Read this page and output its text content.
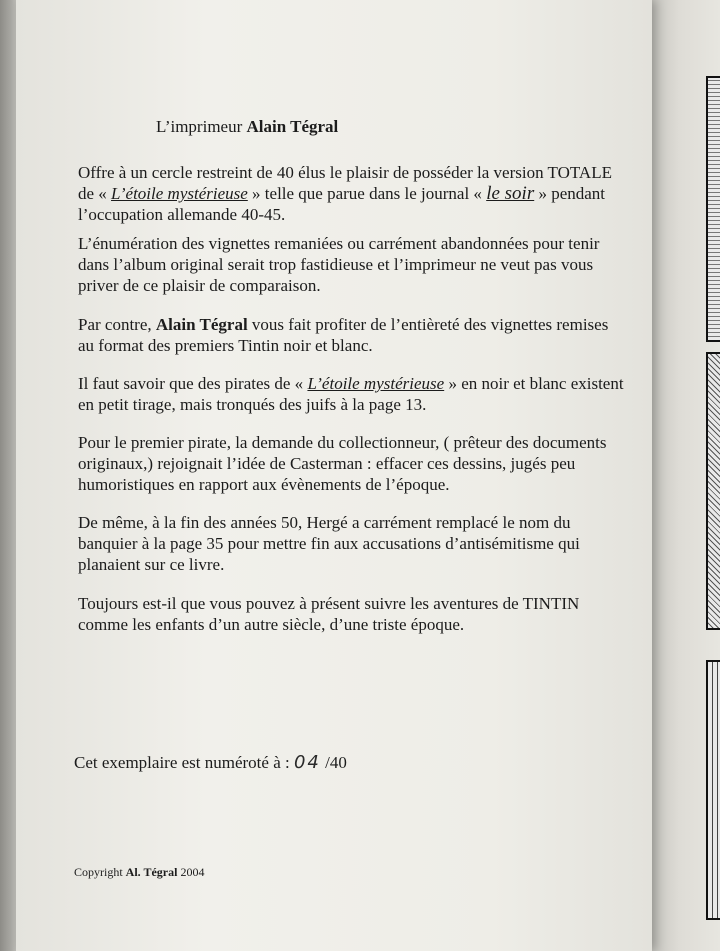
L’imprimeur Alain Tégral
Offre à un cercle restreint de 40 élus le plaisir de posséder la version TOTALE
de « L’étoile mystérieuse » telle que parue dans le journal « le soir » pendant
l’occupation allemande 40-45.
L’énumération des vignettes remaniées ou carrément abandonnées pour tenir
dans l’album original serait trop fastidieuse et l’imprimeur ne veut pas vous
priver de ce plaisir de comparaison.
Par contre, Alain Tégral vous fait profiter de l’entièreté des vignettes remises
au format des premiers Tintin noir et blanc.
Il faut savoir que des pirates de « L’étoile mystérieuse » en noir et blanc existent
en petit tirage, mais tronqués des juifs à la page 13.
Pour le premier pirate, la demande du collectionneur, ( prêteur des documents
originaux,) rejoignait l’idée de Casterman : effacer ces dessins, jugés peu
humoristiques en rapport aux évènements de l’époque.
De même, à la fin des années 50, Hergé a carrément remplacé le nom du
banquier à la page 35 pour mettre fin aux accusations d’antisémitisme qui
planaient sur ce livre.
Toujours est-il que vous pouvez à présent suivre les aventures de TINTIN
comme les enfants d’un autre siècle, d’une triste époque.
Cet exemplaire est numéroté à : 04 /40
Copyright Al. Tégral 2004
